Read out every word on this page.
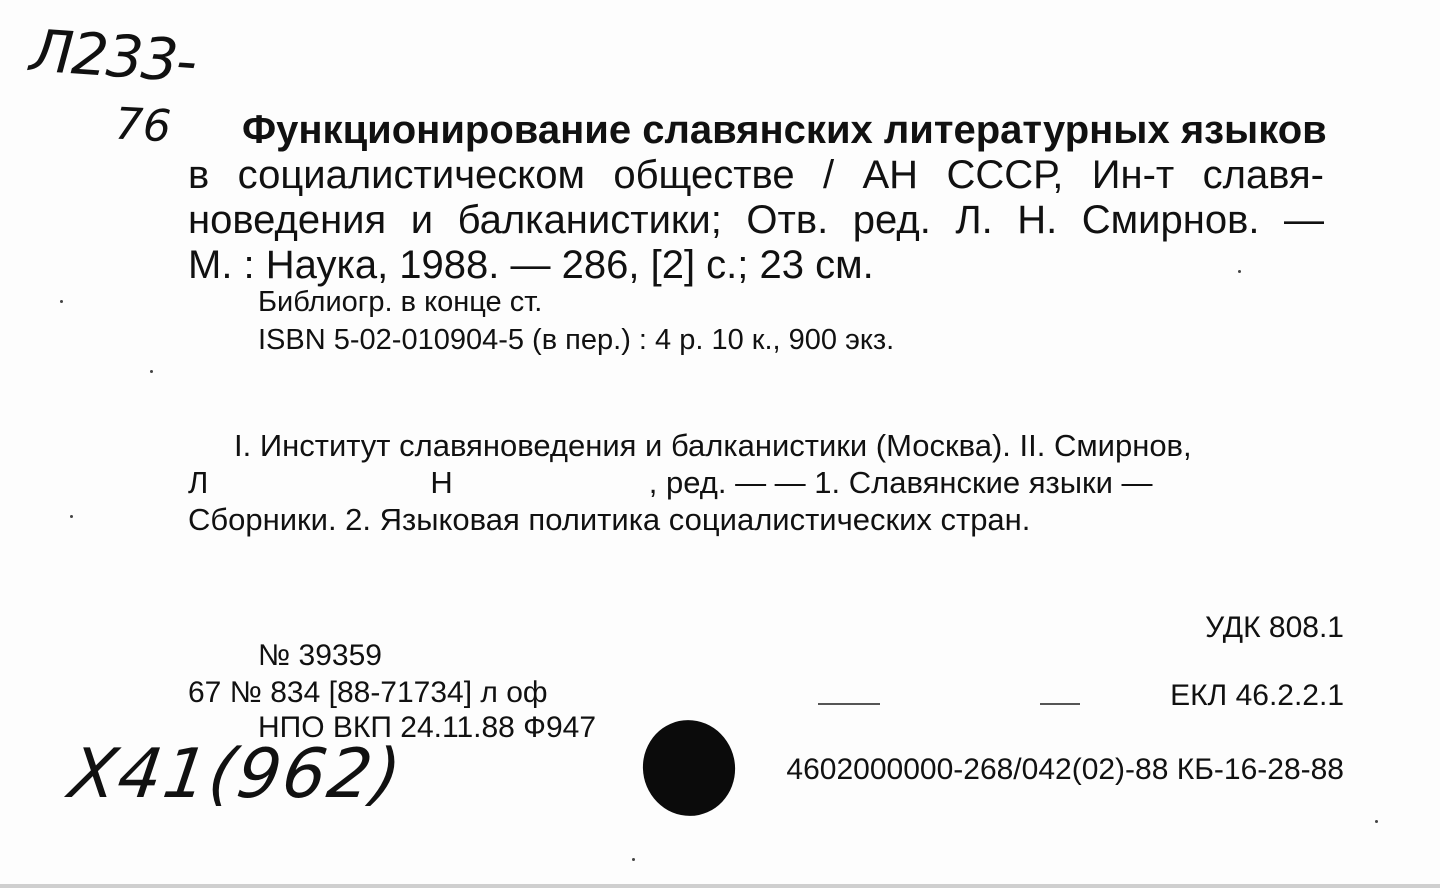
Л233-
76	Функционирование славянских литературных языков
в социалистическом обществе / АН СССР, Ин-т славя-
новедения и балканистики; Отв. ред. Л. Н. Смирнов. —
М. : Наука, 1988. — 286, [2] с.; 23 см.
Библиогр. в конце ст.
ISBN 5-02-010904-5 (в пер.) : 4 р. 10 к., 900 экз.
I. Институт славяноведения и балканистики (Москва). II. Смирнов,
Л	Н	, ред. — — 1. Славянские языки —
Сборники. 2. Языковая политика социалистических стран.
УДК 808.1
№ 39359
67 № 834 [88-71734] л оф	ЕКЛ 46.2.2.1
НПО ВКП 24.11.88 Ф947
4602000000-268/042(02)-88 КБ-16-28-88
Х41(962)
